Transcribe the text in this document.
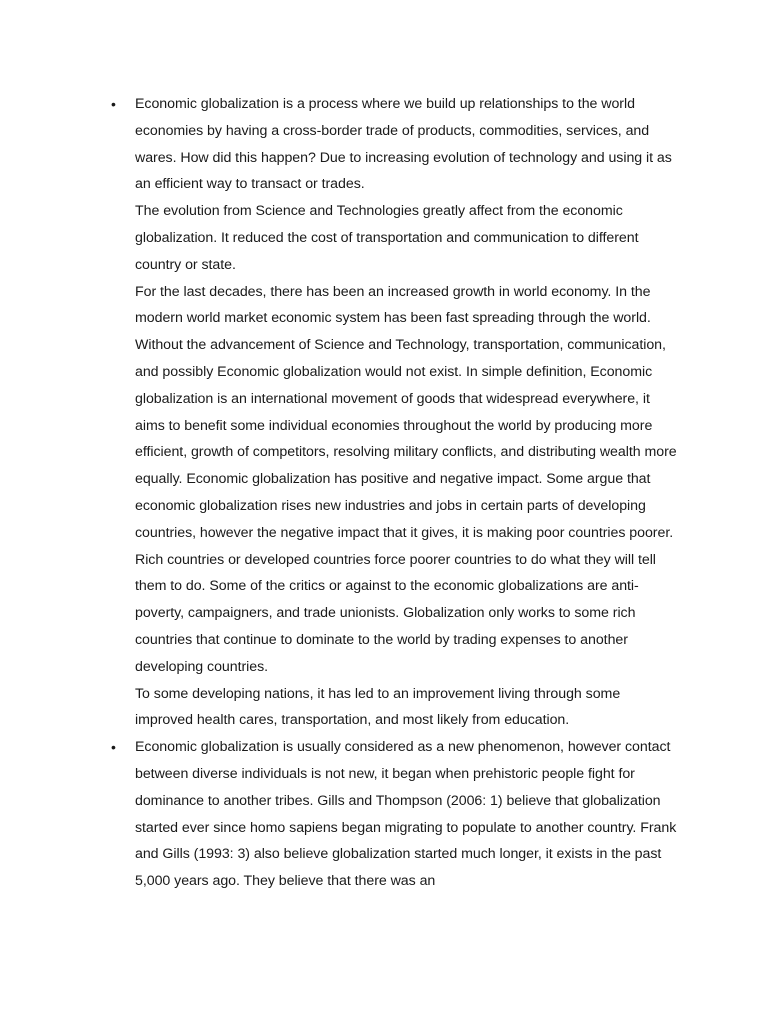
• Economic globalization is a process where we build up relationships to the world economies by having a cross-border trade of products, commodities, services, and wares. How did this happen? Due to increasing evolution of technology and using it as an efficient way to transact or trades.

The evolution from Science and Technologies greatly affect from the economic globalization. It reduced the cost of transportation and communication to different country or state.

For the last decades, there has been an increased growth in world economy. In the modern world market economic system has been fast spreading through the world. Without the advancement of Science and Technology, transportation, communication, and possibly Economic globalization would not exist. In simple definition, Economic globalization is an international movement of goods that widespread everywhere, it aims to benefit some individual economies throughout the world by producing more efficient, growth of competitors, resolving military conflicts, and distributing wealth more equally. Economic globalization has positive and negative impact. Some argue that economic globalization rises new industries and jobs in certain parts of developing countries, however the negative impact that it gives, it is making poor countries poorer. Rich countries or developed countries force poorer countries to do what they will tell them to do. Some of the critics or against to the economic globalizations are anti-poverty, campaigners, and trade unionists. Globalization only works to some rich countries that continue to dominate to the world by trading expenses to another developing countries.

To some developing nations, it has led to an improvement living through some improved health cares, transportation, and most likely from education.

• Economic globalization is usually considered as a new phenomenon, however contact between diverse individuals is not new, it began when prehistoric people fight for dominance to another tribes. Gills and Thompson (2006: 1) believe that globalization started ever since homo sapiens began migrating to populate to another country. Frank and Gills (1993: 3) also believe globalization started much longer, it exists in the past 5,000 years ago. They believe that there was an
